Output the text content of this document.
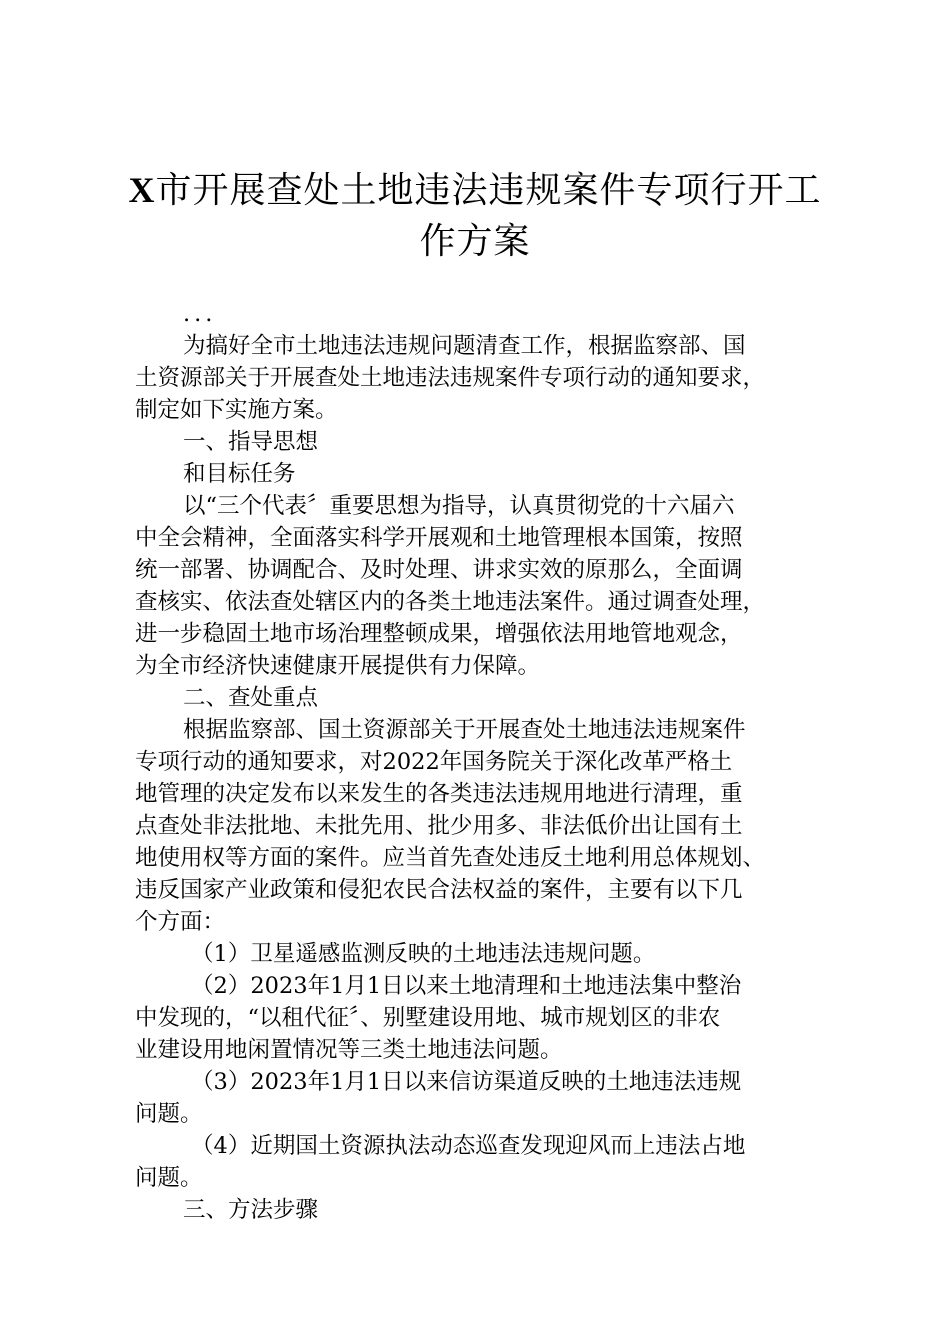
X市开展查处土地违法违规案件专项行开工
作方案
...
为搞好全市土地违法违规问题清查工作，根据监察部、国
土资源部关于开展查处土地违法违规案件专项行动的通知要求，
制定如下实施方案。
一、指导思想
和目标任务
以“三个代表〞重要思想为指导，认真贯彻党的十六届六
中全会精神，全面落实科学开展观和土地管理根本国策，按照
统一部署、协调配合、及时处理、讲求实效的原那么，全面调
查核实、依法查处辖区内的各类土地违法案件。通过调查处理，
进一步稳固土地市场治理整顿成果，增强依法用地管地观念，
为全市经济快速健康开展提供有力保障。
二、查处重点
根据监察部、国土资源部关于开展查处土地违法违规案件
专项行动的通知要求，对2022年国务院关于深化改革严格土
地管理的决定发布以来发生的各类违法违规用地进行清理，重
点查处非法批地、未批先用、批少用多、非法低价出让国有土
地使用权等方面的案件。应当首先查处违反土地利用总体规划、
违反国家产业政策和侵犯农民合法权益的案件，主要有以下几
个方面：
（1）卫星遥感监测反映的土地违法违规问题。
（2）2023年1月1日以来土地清理和土地违法集中整治
中发现的，“以租代征〞、别墅建设用地、城市规划区的非农
业建设用地闲置情况等三类土地违法问题。
（3）2023年1月1日以来信访渠道反映的土地违法违规
问题。
（4）近期国土资源执法动态巡查发现迎风而上违法占地
问题。
三、方法步骤
